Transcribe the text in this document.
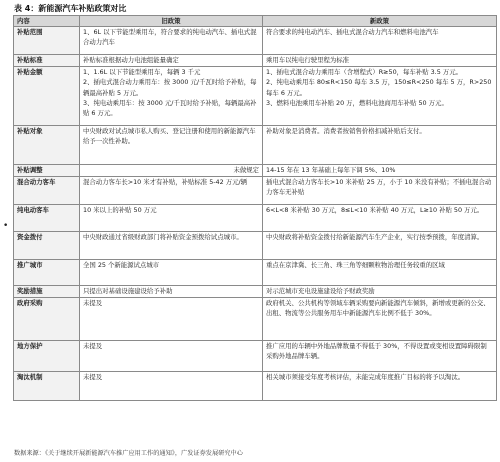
表 4：新能源汽车补贴政策对比
•
内容	旧政策	新政策
补贴范围	1、6L 以下节能型乘用车，符合要求的纯电动汽车、插电式混合动力汽车	符合要求的纯电动汽车、插电式混合动力汽车和燃料电池汽车
补贴标准	补贴标准根据动力电池组能量确定	乘用车以纯电行驶里程为标准
补贴金额	1、1.6L 以下节能型乘用车，每辆 3 千元
2、插电式混合动力乘用车：按 3000 元/千瓦时给予补贴，每辆最高补贴 5 万元。
3、纯电动乘用车：按 3000 元/千瓦时给予补贴，每辆最高补贴 6 万元。	1、插电式混合动力乘用车（含增程式）R≥50，每车补贴 3.5 万元。
2、纯电动乘用车 80≤R<150 每车 3.5 万，150≤R<250 每车 5 万，R>250 每车 6 万元。
3、燃料电池乘用车补贴 20 万，燃料电池商用车补贴 50 万元。
补贴对象	中央财政对试点城市私人购买、登记注册和使用的新能源汽车给予一次性补助。	补助对象是消费者。消费者按销售价格扣减补贴后支付。
补贴调整	未做规定	14-15 年在 13 年基础上每年下调 5%、10%
混合动力客车	混合动力客车长>10 米才有补贴，补贴标准 5-42 万元/辆	插电式混合动力客车长>10 米补贴 25 万，小于 10 米没有补贴；不插电混合动力客车无补贴
纯电动客车	10 米以上的补贴 50 万元	6<L<8 米补贴 30 万元，8≤L<10 米补贴 40 万元，L≥10 补贴 50 万元。
资金拨付	中央财政通过省级财政部门将补贴资金预拨给试点城市。	中央财政将补贴资金拨付给新能源汽车生产企业，实行按季预拨，年度清算。
推广城市	全国 25 个新能源试点城市	重点在京津冀、长三角、珠三角等细颗粒物治理任务较重的区域
奖励措施	只提出对基础设施建设给予补助	对示范城市充电设施建设给予财政奖励
政府采购	未提及	政府机关、公共机构等领域车辆采购要向新能源汽车倾斜，新增或更新的公交、出租、物流等公共服务用车中新能源汽车比例不低于 30%。
地方保护	未提及	推广应用的车辆中外地品牌数量不得低于 30%，不得设置或变相设置障碍限制采购外地品牌车辆。
淘汰机制	未提及	相关城市须接受年度考核评估，未能完成年度推广目标的将予以淘汰。
数据来源：《关于继续开展新能源汽车推广应用工作的通知》，广发证券发展研究中心
